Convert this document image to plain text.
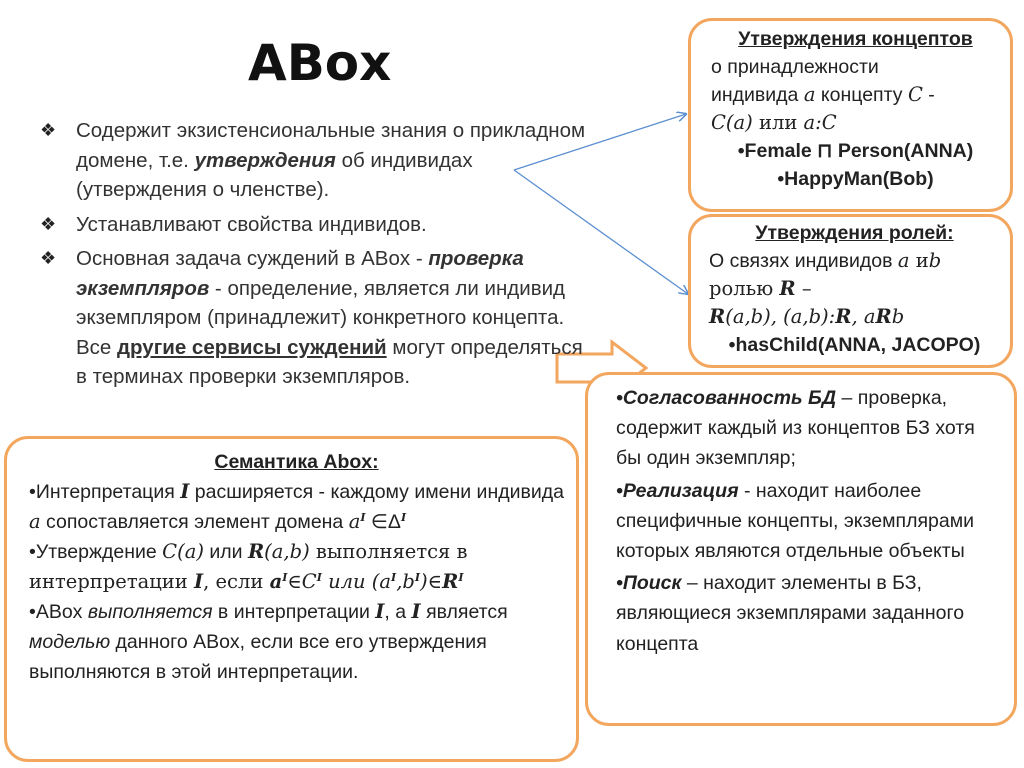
ABox
❖ Содержит экзистенсиональные знания о прикладном домене, т.е. утверждения об индивидах (утверждения о членстве).
❖ Устанавливают свойства индивидов.
❖ Основная задача суждений в ABox - проверка экземпляров - определение, является ли индивид экземпляром (принадлежит) конкретного концепта. Все другие сервисы суждений могут определяться в терминах проверки экземпляров.
Утверждения концептов
о принадлежности
индивида a концепту C -
C(a) или a:C
•Female ⊓ Person(ANNA)
•HappyMan(Bob)
Утверждения ролей:
О связях индивидов a иb
ролью R –
R(a,b), (a,b):R, aRb
•hasChild(ANNA, JACOPO)
Семантика Abox:
•Интерпретация I расширяется - каждому имени индивида a сопоставляется элемент домена $a^I$ $\in\Delta^I$
•Утверждение C(a) или R(a,b) выполняется в интерпретации I, если $a^I\in C^I$ или $(a^I,b^I)\in R^I$
•ABox выполняется в интерпретации I, а I является моделью данного ABox, если все его утверждения выполняются в этой интерпретации.
•Согласованность БД – проверка, содержит каждый из концептов БЗ хотя бы один экземпляр;
•Реализация - находит наиболее специфичные концепты, экземплярами которых являются отдельные объекты
•Поиск – находит элементы в БЗ, являющиеся экземплярами заданного концепта
